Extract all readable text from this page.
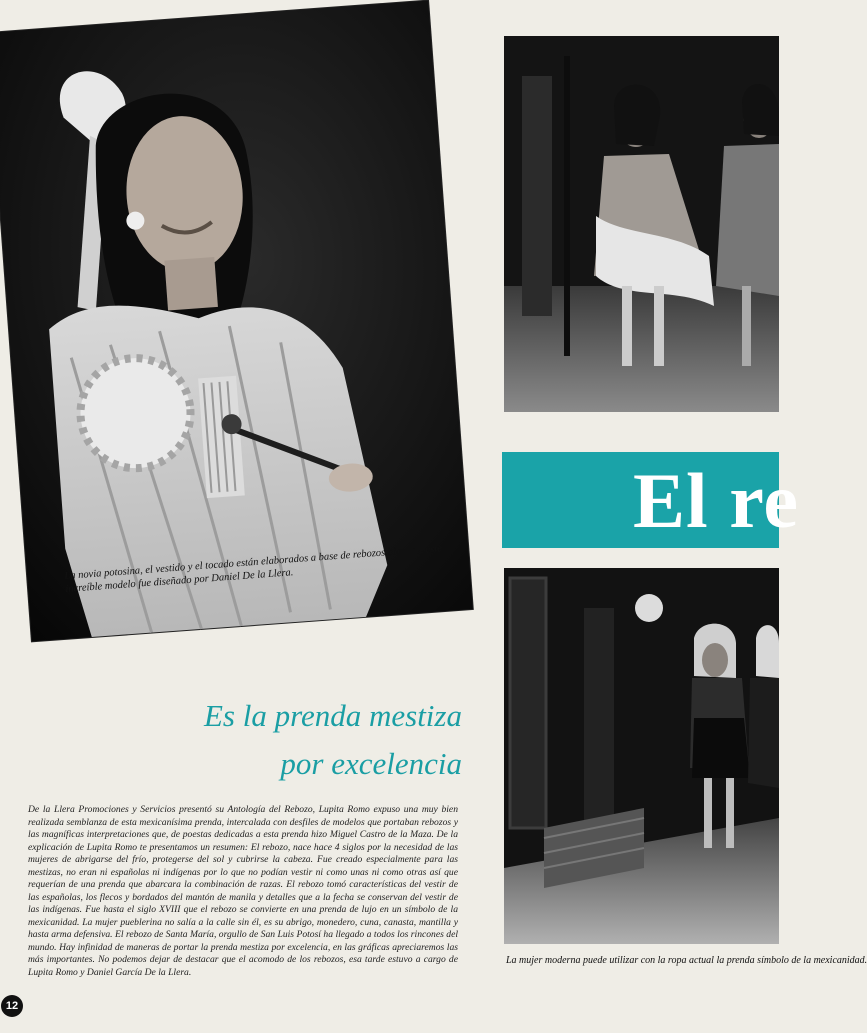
La novia potosina, el vestido y el tocado están elaborados a base de rebozos blancos, este increíble modelo fue diseñado por Daniel De la Llera.
El re
La mujer moderna puede utilizar con la ropa actual la prenda símbolo de la mexicanidad.
Es la prenda mestiza
por excelencia
De la Llera Promociones y Servicios presentó su Antología del Rebozo, Lupita Romo expuso una muy bien realizada semblanza de esta mexicanísima prenda, intercalada con desfiles de modelos que portaban rebozos y las magníficas interpretaciones que, de poestas dedicadas a esta prenda hizo Miguel Castro de la Maza. De la explicación de Lupita Romo te presentamos un resumen: El rebozo, nace hace 4 siglos por la necesidad de las mujeres de abrigarse del frío, protegerse del sol y cubrirse la cabeza. Fue creado especialmente para las mestizas, no eran ni españolas ni indígenas por lo que no podían vestir ni como unas ni como otras así que requerían de una prenda que abarcara la combinación de razas. El rebozo tomó características del vestir de las españolas, los flecos y bordados del mantón de manila y detalles que a la fecha se conservan del vestir de las indígenas. Fue hasta el siglo XVIII que el rebozo se convierte en una prenda de lujo en un símbolo de la mexicanidad. La mujer pueblerina no salía a la calle sin él, es su abrigo, monedero, cuna, canasta, mantilla y hasta arma defensiva. El rebozo de Santa María, orgullo de San Luis Potosí ha llegado a todos los rincones del mundo. Hay infinidad de maneras de portar la prenda mestiza por excelencia, en las gráficas apreciaremos las más importantes. No podemos dejar de destacar que el acomodo de los rebozos, esa tarde estuvo a cargo de Lupita Romo y Daniel García De la Llera.
12
